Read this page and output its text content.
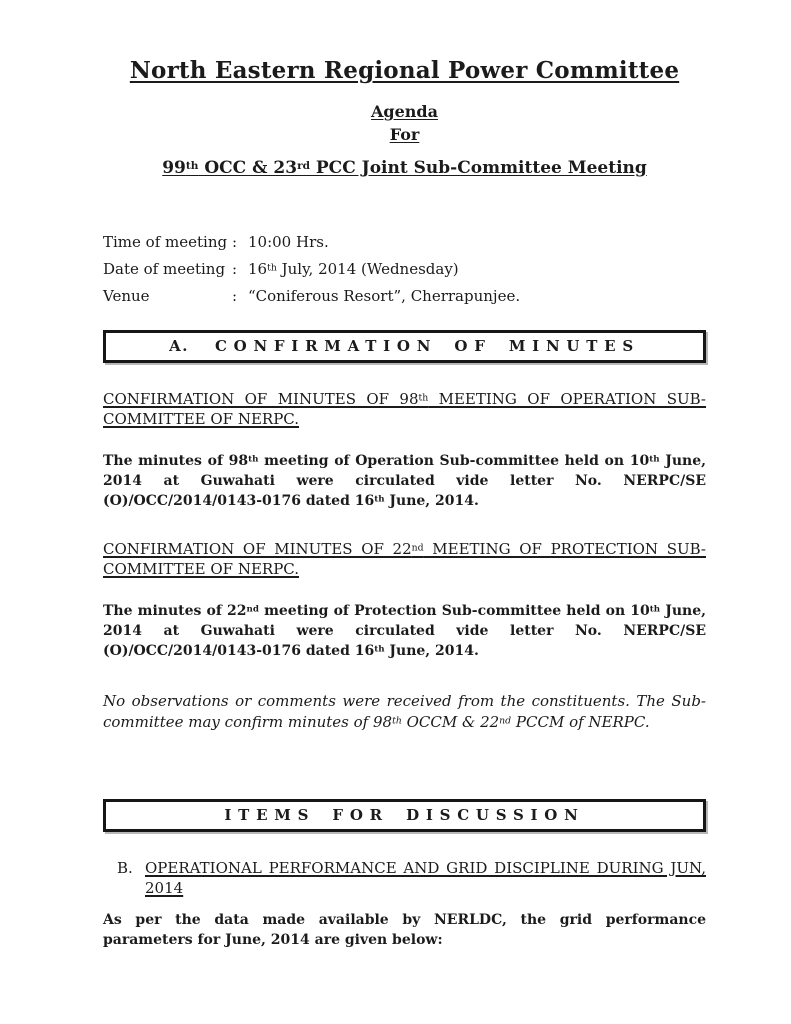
North Eastern Regional Power Committee
Agenda
For
99th OCC & 23rd PCC Joint Sub-Committee Meeting
Time of meeting : 10:00 Hrs.
Date of meeting : 16th July, 2014 (Wednesday)
Venue	: “Coniferous Resort”, Cherrapunjee.
A. CONFIRMATION OF MINUTES
CONFIRMATION OF MINUTES OF 98th MEETING OF OPERATION SUB-COMMITTEE OF NERPC.
The minutes of 98th meeting of Operation Sub-committee held on 10th June, 2014 at Guwahati were circulated vide letter No. NERPC/SE (O)/OCC/2014/0143-0176 dated 16th June, 2014.
CONFIRMATION OF MINUTES OF 22nd MEETING OF PROTECTION SUB-COMMITTEE OF NERPC.
The minutes of 22nd meeting of Protection Sub-committee held on 10th June, 2014 at Guwahati were circulated vide letter No. NERPC/SE (O)/OCC/2014/0143-0176 dated 16th June, 2014.
No observations or comments were received from the constituents. The Sub-committee may confirm minutes of 98th OCCM & 22nd PCCM of NERPC.
ITEMS FOR DISCUSSION
B. OPERATIONAL PERFORMANCE AND GRID DISCIPLINE DURING JUN, 2014
As per the data made available by NERLDC, the grid performance parameters for June, 2014 are given below:
